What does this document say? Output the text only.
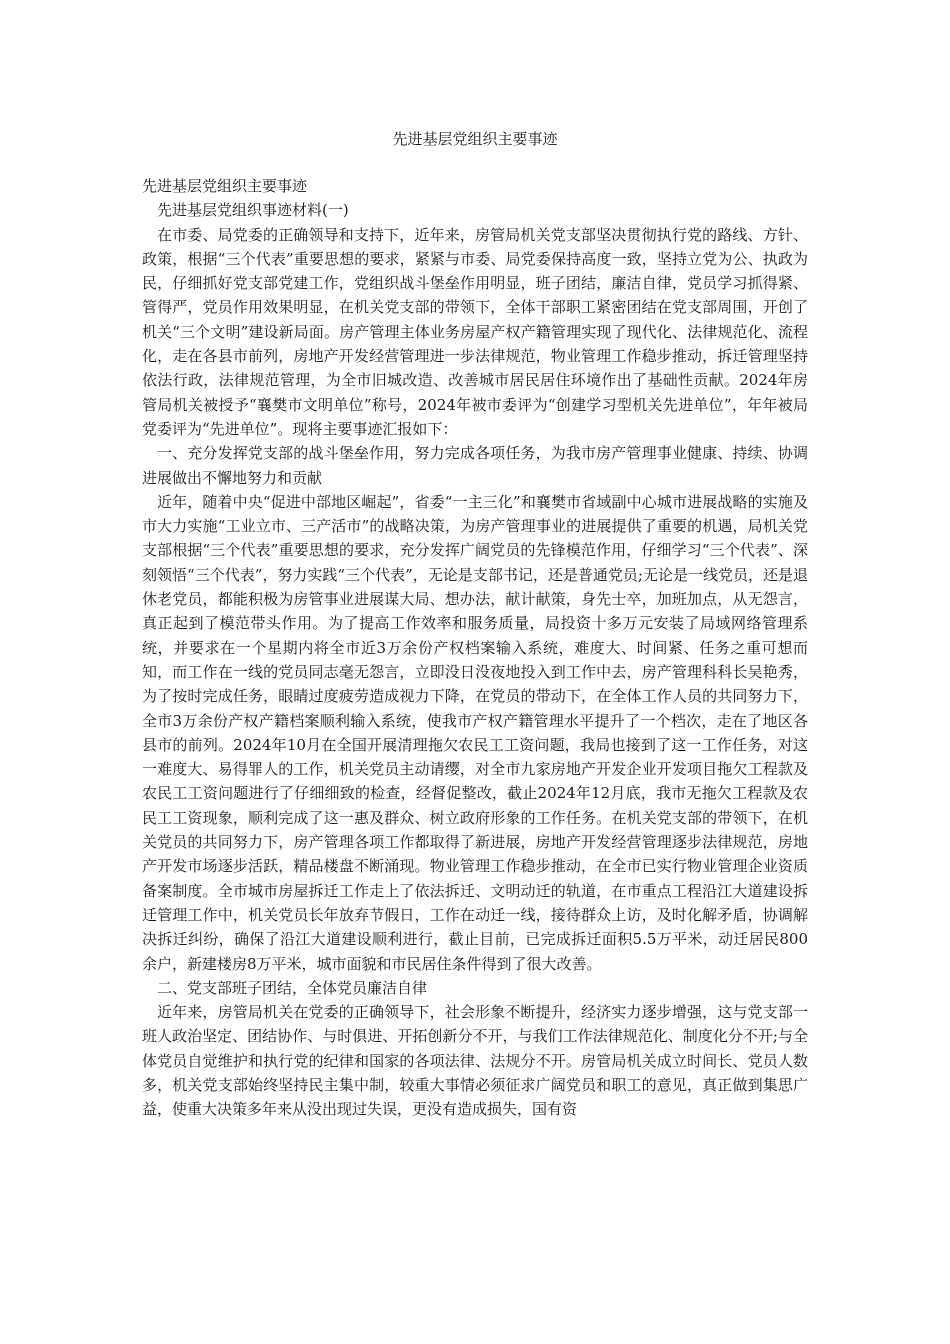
先进基层党组织主要事迹

先进基层党组织主要事迹

先进基层党组织事迹材料(一)

在市委、局党委的正确领导和支持下，近年来，房管局机关党支部坚决贯彻执行党的路线、方针、政策，根据“三个代表”重要思想的要求，紧紧与市委、局党委保持高度一致，坚持立党为公、执政为民，仔细抓好党支部党建工作，党组织战斗堡垒作用明显，班子团结，廉洁自律，党员学习抓得紧、管得严，党员作用效果明显，在机关党支部的带领下，全体干部职工紧密团结在党支部周围，开创了机关“三个文明”建设新局面。房产管理主体业务房屋产权产籍管理实现了现代化、法律规范化、流程化，走在各县市前列，房地产开发经营管理进一步法律规范，物业管理工作稳步推动，拆迁管理坚持依法行政，法律规范管理，为全市旧城改造、改善城市居民居住环境作出了基础性贡献。2024年房管局机关被授予“襄樊市文明单位”称号，2024年被市委评为“创建学习型机关先进单位”，年年被局党委评为“先进单位”。现将主要事迹汇报如下：

一、充分发挥党支部的战斗堡垒作用，努力完成各项任务，为我市房产管理事业健康、持续、协调进展做出不懈地努力和贡献

近年，随着中央“促进中部地区崛起”，省委“一主三化”和襄樊市省域副中心城市进展战略的实施及市大力实施“工业立市、三产活市”的战略决策，为房产管理事业的进展提供了重要的机遇，局机关党支部根据“三个代表”重要思想的要求，充分发挥广阔党员的先锋模范作用，仔细学习“三个代表”、深刻领悟“三个代表”，努力实践“三个代表”，无论是支部书记，还是普通党员;无论是一线党员，还是退休老党员，都能积极为房管事业进展谋大局、想办法，献计献策，身先士卒，加班加点，从无怨言，真正起到了模范带头作用。为了提高工作效率和服务质量，局投资十多万元安装了局域网络管理系统，并要求在一个星期内将全市近3万余份产权档案输入系统，难度大、时间紧、任务之重可想而知，而工作在一线的党员同志毫无怨言，立即没日没夜地投入到工作中去，房产管理科科长吴艳秀，为了按时完成任务，眼睛过度疲劳造成视力下降，在党员的带动下，在全体工作人员的共同努力下，全市3万余份产权产籍档案顺利输入系统，使我市产权产籍管理水平提升了一个档次，走在了地区各县市的前列。2024年10月在全国开展清理拖欠农民工工资问题，我局也接到了这一工作任务，对这一难度大、易得罪人的工作，机关党员主动请缨，对全市九家房地产开发企业开发项目拖欠工程款及农民工工资问题进行了仔细细致的检查，经督促整改，截止2024年12月底，我市无拖欠工程款及农民工工资现象，顺利完成了这一惠及群众、树立政府形象的工作任务。在机关党支部的带领下，在机关党员的共同努力下，房产管理各项工作都取得了新进展，房地产开发经营管理逐步法律规范，房地产开发市场逐步活跃，精品楼盘不断涌现。物业管理工作稳步推动，在全市已实行物业管理企业资质备案制度。全市城市房屋拆迁工作走上了依法拆迁、文明动迁的轨道，在市重点工程沿江大道建设拆迁管理工作中，机关党员长年放弃节假日，工作在动迁一线，接待群众上访，及时化解矛盾，协调解决拆迁纠纷，确保了沿江大道建设顺利进行，截止目前，已完成拆迁面积5.5万平米，动迁居民800余户，新建楼房8万平米，城市面貌和市民居住条件得到了很大改善。

二、党支部班子团结，全体党员廉洁自律

近年来，房管局机关在党委的正确领导下，社会形象不断提升，经济实力逐步增强，这与党支部一班人政治坚定、团结协作、与时俱进、开拓创新分不开，与我们工作法律规范化、制度化分不开;与全体党员自觉维护和执行党的纪律和国家的各项法律、法规分不开。房管局机关成立时间长、党员人数多，机关党支部始终坚持民主集中制，较重大事情必须征求广阔党员和职工的意见，真正做到集思广益，使重大决策多年来从没出现过失误，更没有造成损失，国有资
